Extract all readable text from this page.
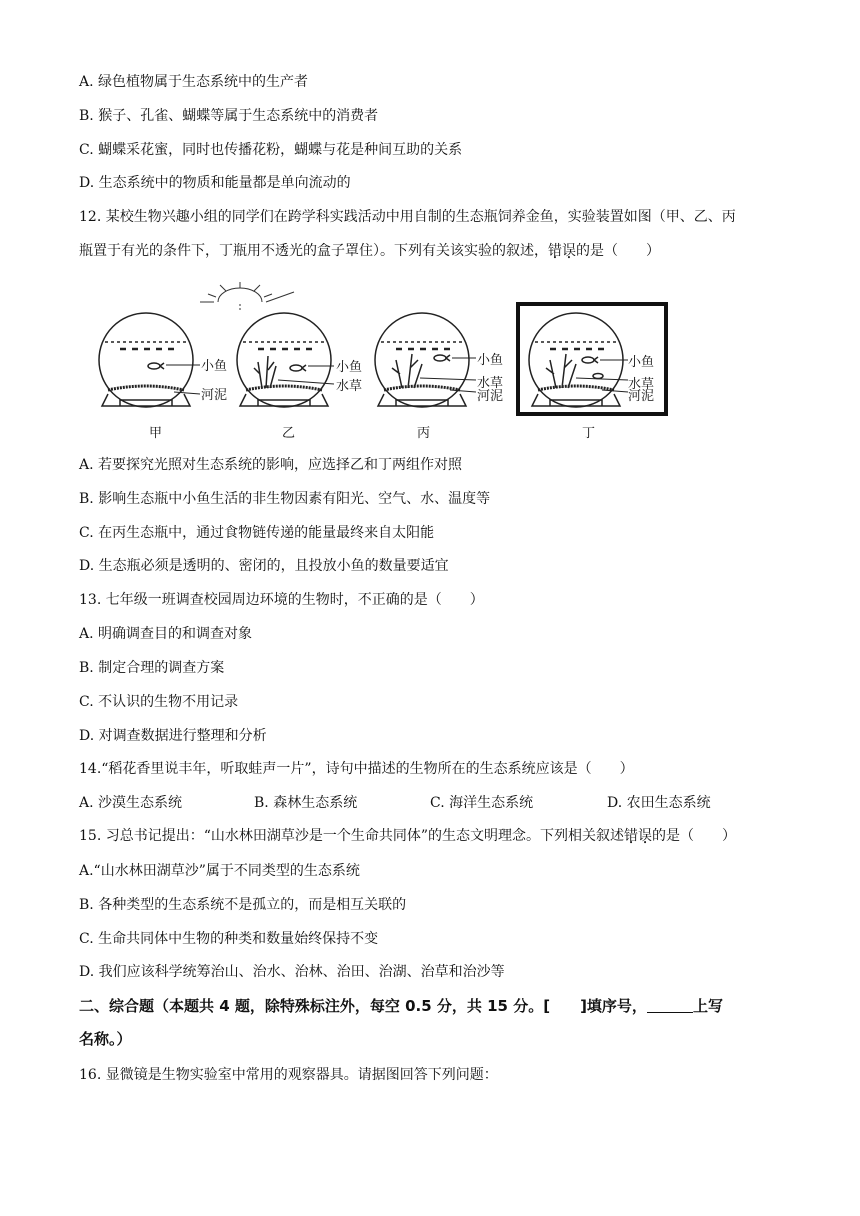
A. 绿色植物属于生态系统中的生产者
B. 猴子、孔雀、蝴蝶等属于生态系统中的消费者
C. 蝴蝶采花蜜，同时也传播花粉，蝴蝶与花是种间互助的关系
D. 生态系统中的物质和能量都是单向流动的
12. 某校生物兴趣小组的同学们在跨学科实践活动中用自制的生态瓶饲养金鱼，实验装置如图（甲、乙、丙
瓶置于有光的条件下，丁瓶用不透光的盒子罩住）。下列有关该实验的叙述，错误的是（　　）
小鱼
河泥
小鱼
水草
小鱼
水草
河泥
小鱼
水草
河泥
甲	乙	丙	丁
A. 若要探究光照对生态系统的影响，应选择乙和丁两组作对照
B. 影响生态瓶中小鱼生活的非生物因素有阳光、空气、水、温度等
C. 在丙生态瓶中，通过食物链传递的能量最终来自太阳能
D. 生态瓶必须是透明的、密闭的，且投放小鱼的数量要适宜
13. 七年级一班调查校园周边环境的生物时，不正确的是（　　）
A. 明确调查目的和调查对象
B. 制定合理的调查方案
C. 不认识的生物不用记录
D. 对调查数据进行整理和分析
14.“稻花香里说丰年，听取蛙声一片”，诗句中描述的生物所在的生态系统应该是（　　）
A. 沙漠生态系统	B. 森林生态系统	C. 海洋生态系统	D. 农田生态系统
15. 习总书记提出：“山水林田湖草沙是一个生命共同体”的生态文明理念。下列相关叙述错误的是（　　）
A.“山水林田湖草沙”属于不同类型的生态系统
B. 各种类型的生态系统不是孤立的，而是相互关联的
C. 生命共同体中生物的种类和数量始终保持不变
D. 我们应该科学统筹治山、治水、治林、治田、治湖、治草和治沙等
二、综合题（本题共 4 题，除特殊标注外，每空 0.5 分，共 15 分。[　　]填序号，	上写
名称。）
16. 显微镜是生物实验室中常用的观察器具。请据图回答下列问题：
